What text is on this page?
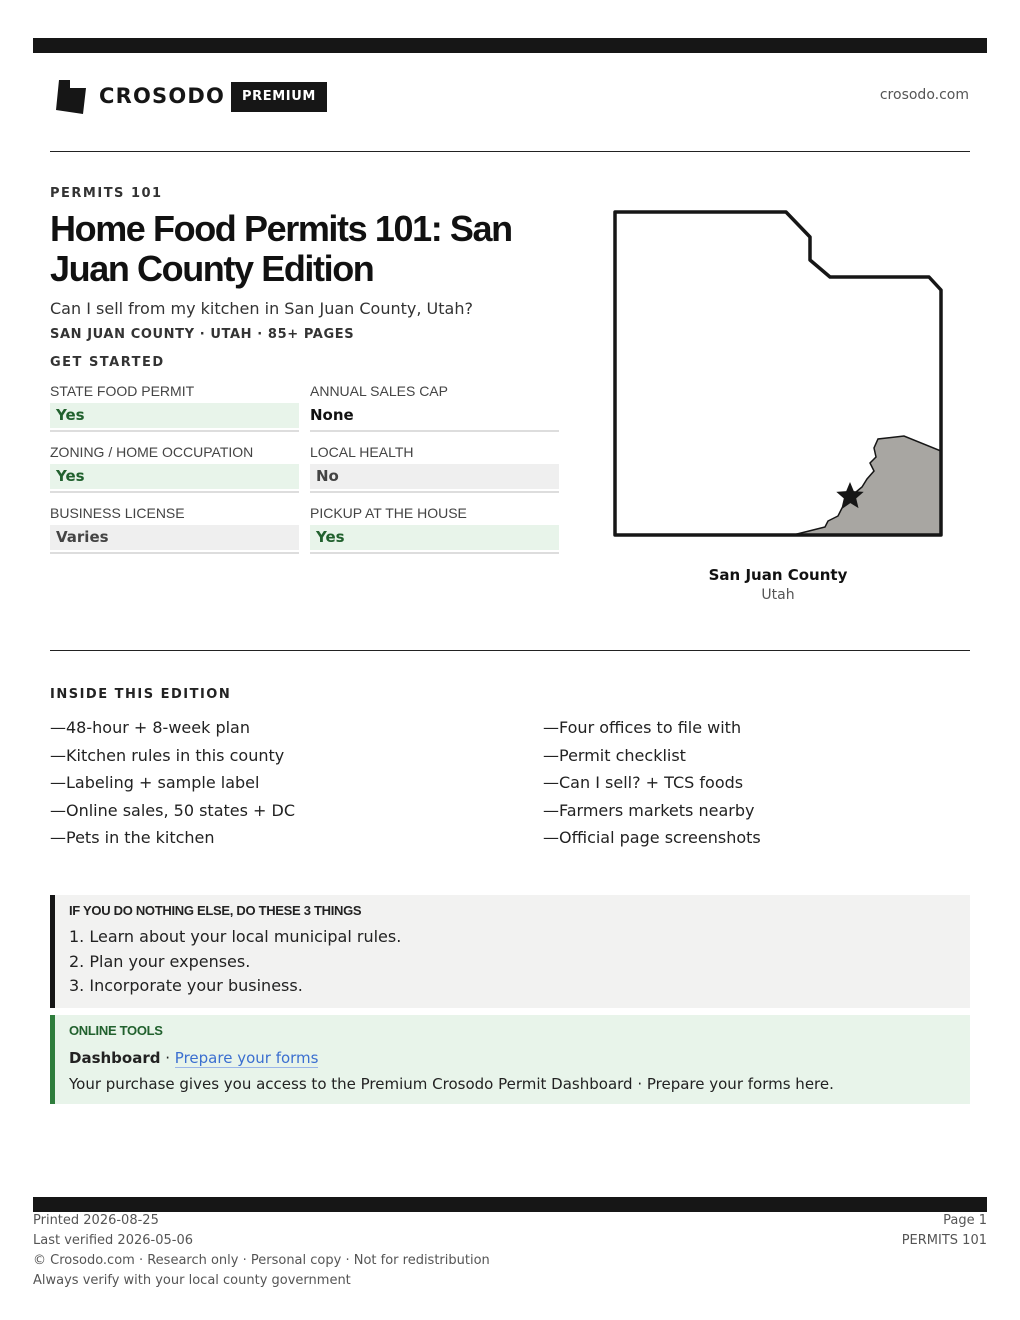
CROSODO	PREMIUM	crosodo.com
PERMITS 101
Home Food Permits 101: San Juan County Edition
Can I sell from my kitchen in San Juan County, Utah?
SAN JUAN COUNTY · UTAH · 85+ PAGES
GET STARTED
STATE FOOD PERMIT
Yes
ANNUAL SALES CAP
None
ZONING / HOME OCCUPATION
Yes
LOCAL HEALTH
No
BUSINESS LICENSE
Varies
PICKUP AT THE HOUSE
Yes
San Juan County
Utah
INSIDE THIS EDITION
—48-hour + 8-week plan
—Kitchen rules in this county
—Labeling + sample label
—Online sales, 50 states + DC
—Pets in the kitchen
—Four offices to file with
—Permit checklist
—Can I sell? + TCS foods
—Farmers markets nearby
—Official page screenshots
IF YOU DO NOTHING ELSE, DO THESE 3 THINGS
1. Learn about your local municipal rules.
2. Plan your expenses.
3. Incorporate your business.
ONLINE TOOLS
Dashboard · Prepare your forms
Your purchase gives you access to the Premium Crosodo Permit Dashboard · Prepare your forms here.
Printed 2026-08-25
Last verified 2026-05-06
© Crosodo.com · Research only · Personal copy · Not for redistribution
Always verify with your local county government
Page 1
PERMITS 101
